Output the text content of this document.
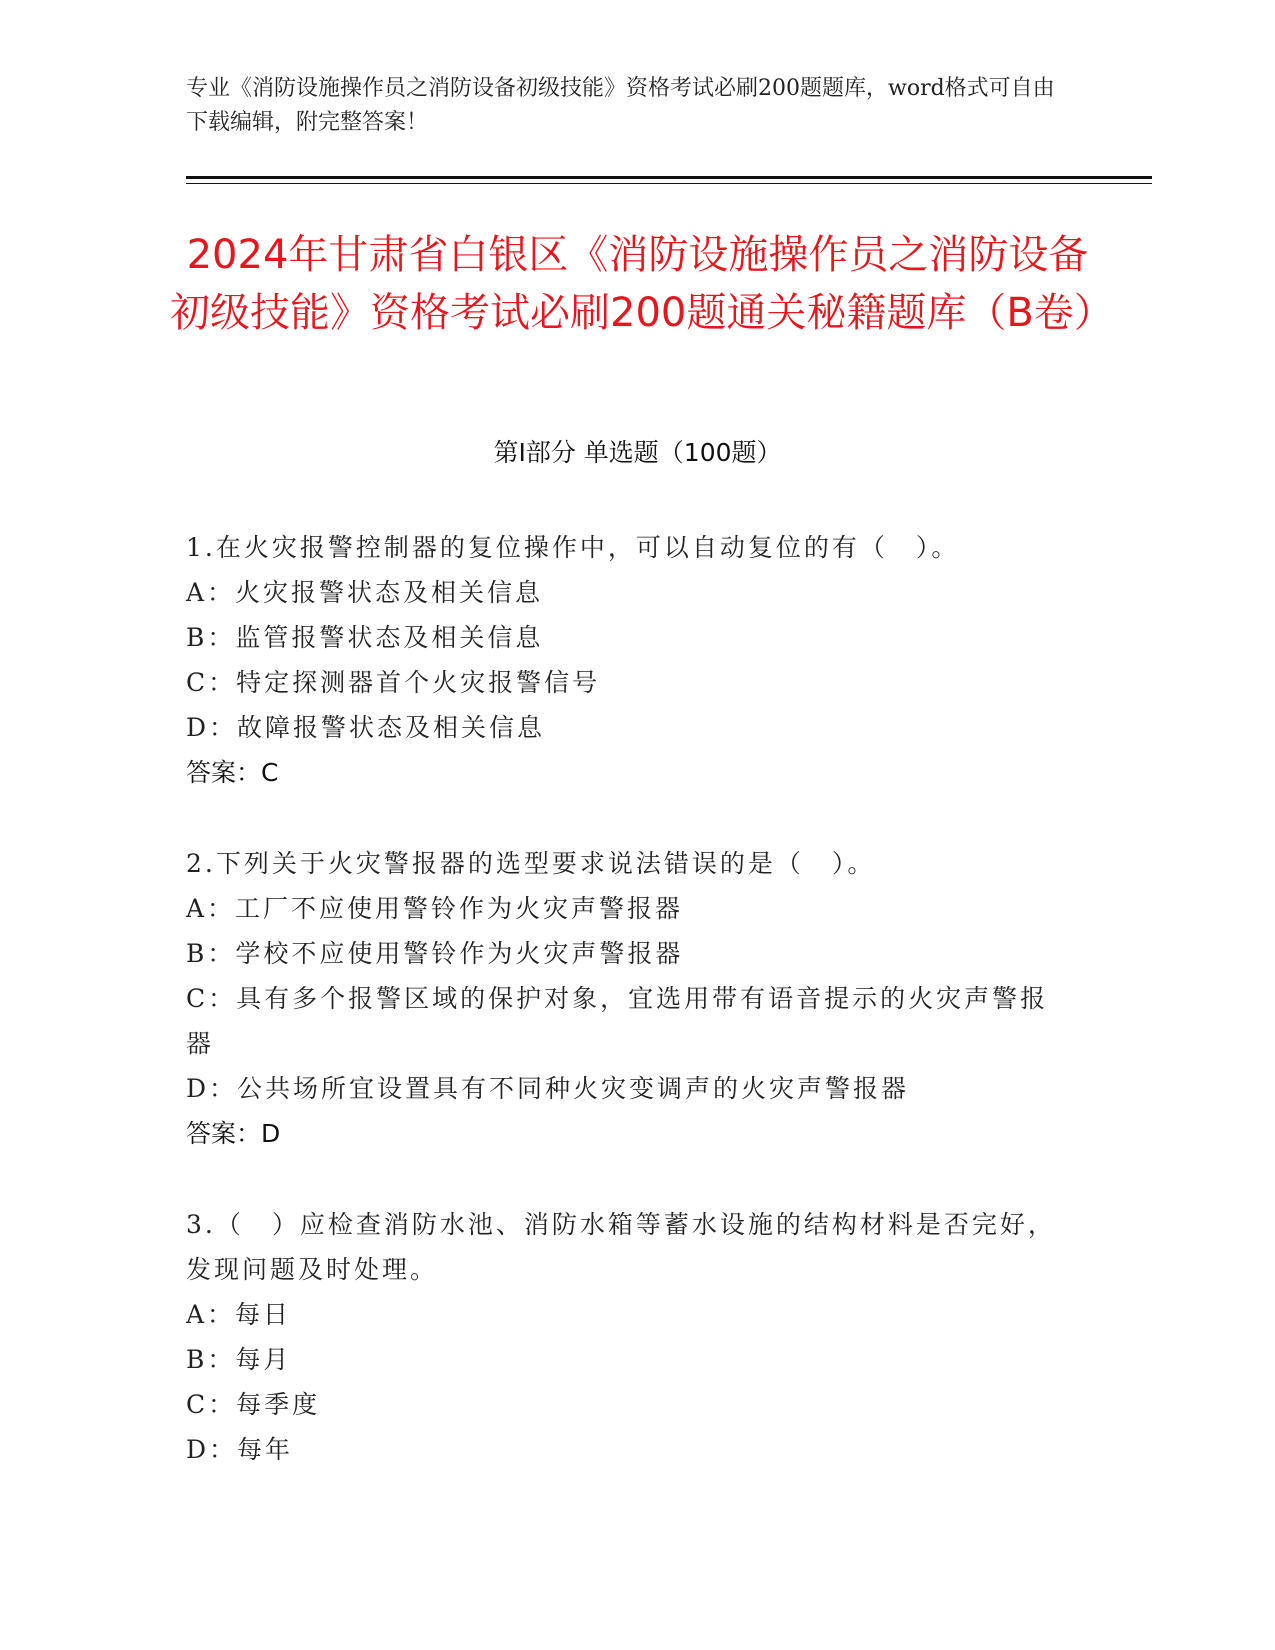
专业《消防设施操作员之消防设备初级技能》资格考试必刷200题题库，word格式可自由下载编辑，附完整答案！

2024年甘肃省白银区《消防设施操作员之消防设备初级技能》资格考试必刷200题通关秘籍题库（B卷）
第Ⅰ部分 单选题（100题）

1.在火灾报警控制器的复位操作中，可以自动复位的有（　）。

A：火灾报警状态及相关信息

B：监管报警状态及相关信息

C：特定探测器首个火灾报警信号

D：故障报警状态及相关信息

答案：C

2.下列关于火灾警报器的选型要求说法错误的是（　）。

A：工厂不应使用警铃作为火灾声警报器

B：学校不应使用警铃作为火灾声警报器

C：具有多个报警区域的保护对象，宜选用带有语音提示的火灾声警报器

D：公共场所宜设置具有不同种火灾变调声的火灾声警报器

答案：D

3.（　）应检查消防水池、消防水箱等蓄水设施的结构材料是否完好，发现问题及时处理。

A：每日

B：每月

C：每季度

D：每年
